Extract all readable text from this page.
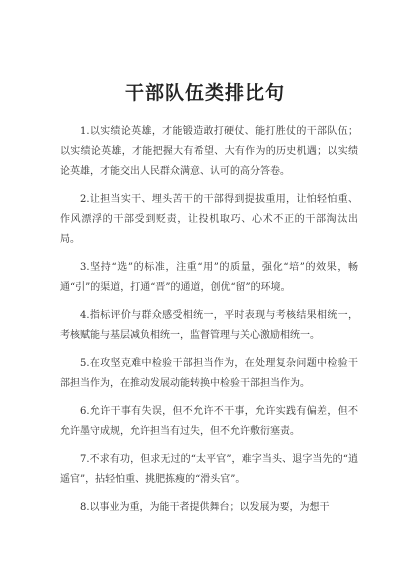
干部队伍类排比句

1.以实绩论英雄，才能锻造敢打硬仗、能打胜仗的干部队伍；以实绩论英雄，才能把握大有希望、大有作为的历史机遇；以实绩论英雄，才能交出人民群众满意、认可的高分答卷。

2.让担当实干、埋头苦干的干部得到提拔重用，让怕轻怕重、作风漂浮的干部受到贬责，让投机取巧、心术不正的干部淘汰出局。

3.坚持“选”的标准，注重“用”的质量，强化“培”的效果，畅通“引”的渠道，打通“晋”的通道，创优“留”的环境。

4.指标评价与群众感受相统一，平时表现与考核结果相统一，考核赋能与基层减负相统一，监督管理与关心激励相统一。

5.在攻坚克难中检验干部担当作为，在处理复杂问题中检验干部担当作为，在推动发展动能转换中检验干部担当作为。

6.允许干事有失误，但不允许不干事，允许实践有偏差，但不允许墨守成规，允许担当有过失，但不允许敷衍塞责。

7.不求有功，但求无过的“太平官”，难字当头、退字当先的“逍遥官”，拈轻怕重、挑肥拣瘦的“滑头官”。

8.以事业为重，为能干者提供舞台；以发展为要，为想干
